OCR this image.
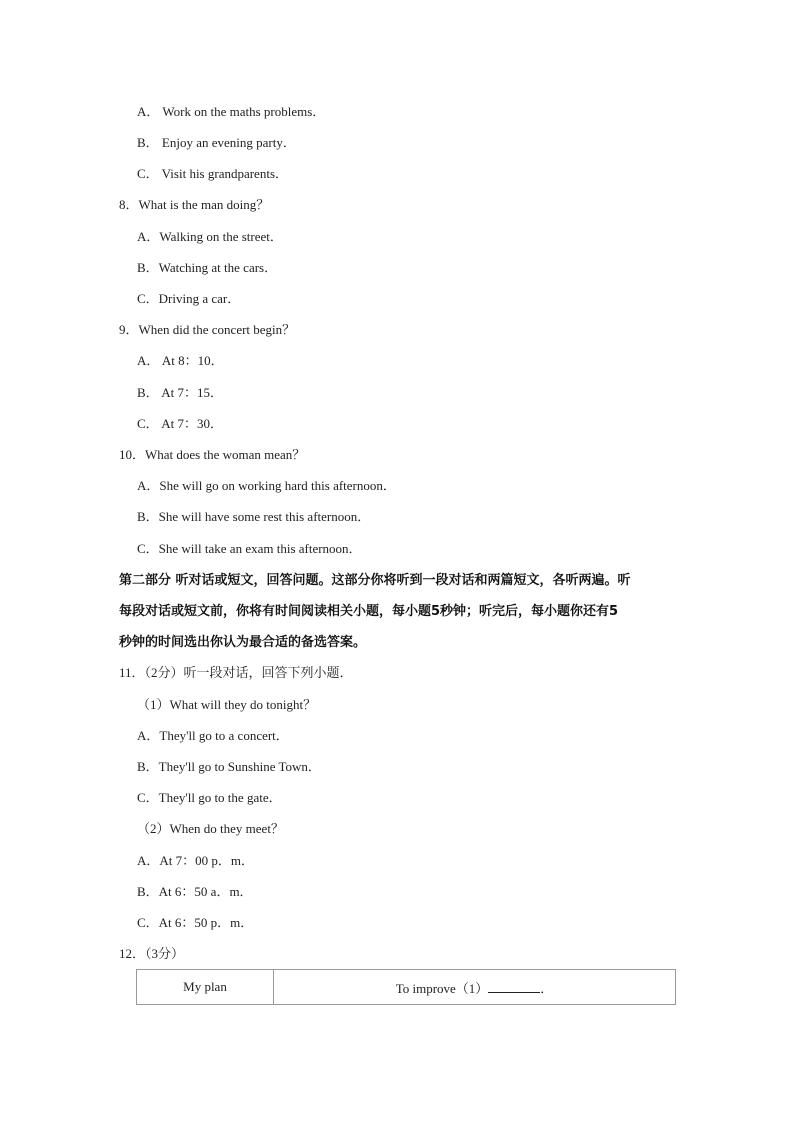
A． Work on the maths problems．
B． Enjoy an evening party．
C． Visit his grandparents．
8．What is the man doing？
A．Walking on the street．
B．Watching at the cars．
C．Driving a car．
9．When did the concert begin？
A． At 8：10．
B． At 7：15．
C． At 7：30．
10．What does the woman mean？
A．She will go on working hard this afternoon．
B．She will have some rest this afternoon．
C．She will take an exam this afternoon．
第二部分 听对话或短文，回答问题。这部分你将听到一段对话和两篇短文，各听两遍。听
每段对话或短文前，你将有时间阅读相关小题，每小题5秒钟；听完后，每小题你还有5
秒钟的时间选出你认为最合适的备选答案。
11．（2分）听一段对话，回答下列小题．
（1）What will they do tonight？
A．They'll go to a concert．
B．They'll go to Sunshine Town．
C．They'll go to the gate．
（2）When do they meet？
A．At 7：00 p．m．
B．At 6：50 a．m．
C．At 6：50 p．m．
12．（3分）
My plan	To improve（1）	．
